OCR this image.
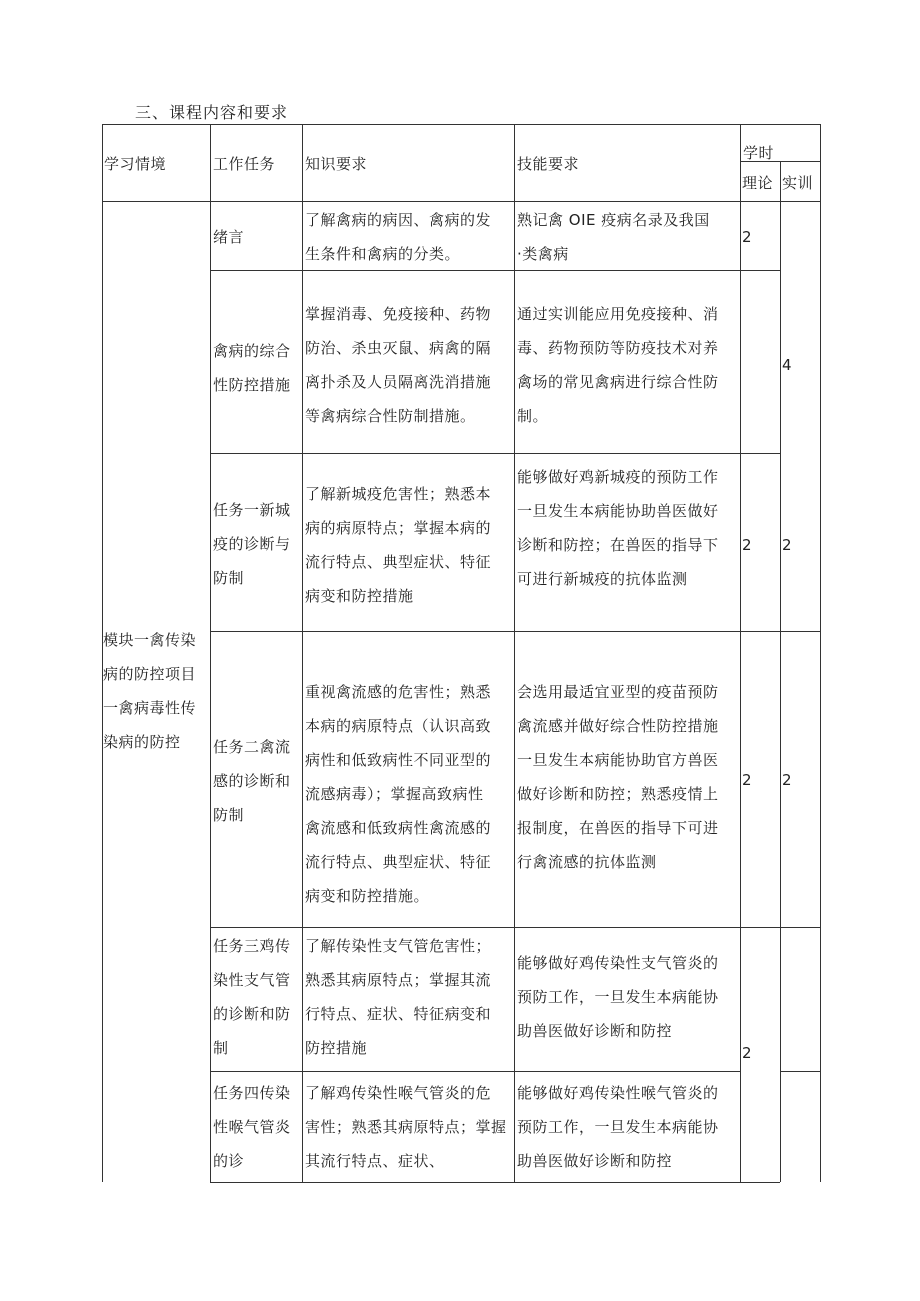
三、课程内容和要求
学习情境	工作任务 知识要求	技能要求
学时
理论 实训
模块一禽传染
病的防控项目
一禽病毒性传
染病的防控
绪言
了解禽病的病因、禽病的发
生条件和禽病的分类。
熟记禽 OIE 疫病名录及我国
·类禽病
2
禽病的综合
性防控措施
掌握消毒、免疫接种、药物
防治、杀虫灭鼠、病禽的隔
离扑杀及人员隔离洗消措施
等禽病综合性防制措施。
通过实训能应用免疫接种、消
毒、药物预防等防疫技术对养
禽场的常见禽病进行综合性防
制。
4
任务一新城
疫的诊断与
防制
了解新城疫危害性；熟悉本
病的病原特点；掌握本病的
流行特点、典型症状、特征
病变和防控措施
能够做好鸡新城疫的预防工作
一旦发生本病能协助兽医做好
诊断和防控；在兽医的指导下
可进行新城疫的抗体监测
2 2
任务二禽流
感的诊断和
防制
重视禽流感的危害性；熟悉
本病的病原特点（认识高致
病性和低致病性不同亚型的
流感病毒）；掌握高致病性
禽流感和低致病性禽流感的
流行特点、典型症状、特征
病变和防控措施。
会选用最适宜亚型的疫苗预防
禽流感并做好综合性防控措施
一旦发生本病能协助官方兽医
做好诊断和防控；熟悉疫情上
报制度，在兽医的指导下可进
行禽流感的抗体监测
2 2
任务三鸡传
染性支气管
的诊断和防
制
了解传染性支气管危害性；
熟悉其病原特点；掌握其流
行特点、症状、特征病变和
防控措施
能够做好鸡传染性支气管炎的
预防工作，一旦发生本病能协
助兽医做好诊断和防控
2
任务四传染
性喉气管炎
的诊
了解鸡传染性喉气管炎的危
害性；熟悉其病原特点；掌握
其流行特点、症状、
能够做好鸡传染性喉气管炎的
预防工作，一旦发生本病能协
助兽医做好诊断和防控
